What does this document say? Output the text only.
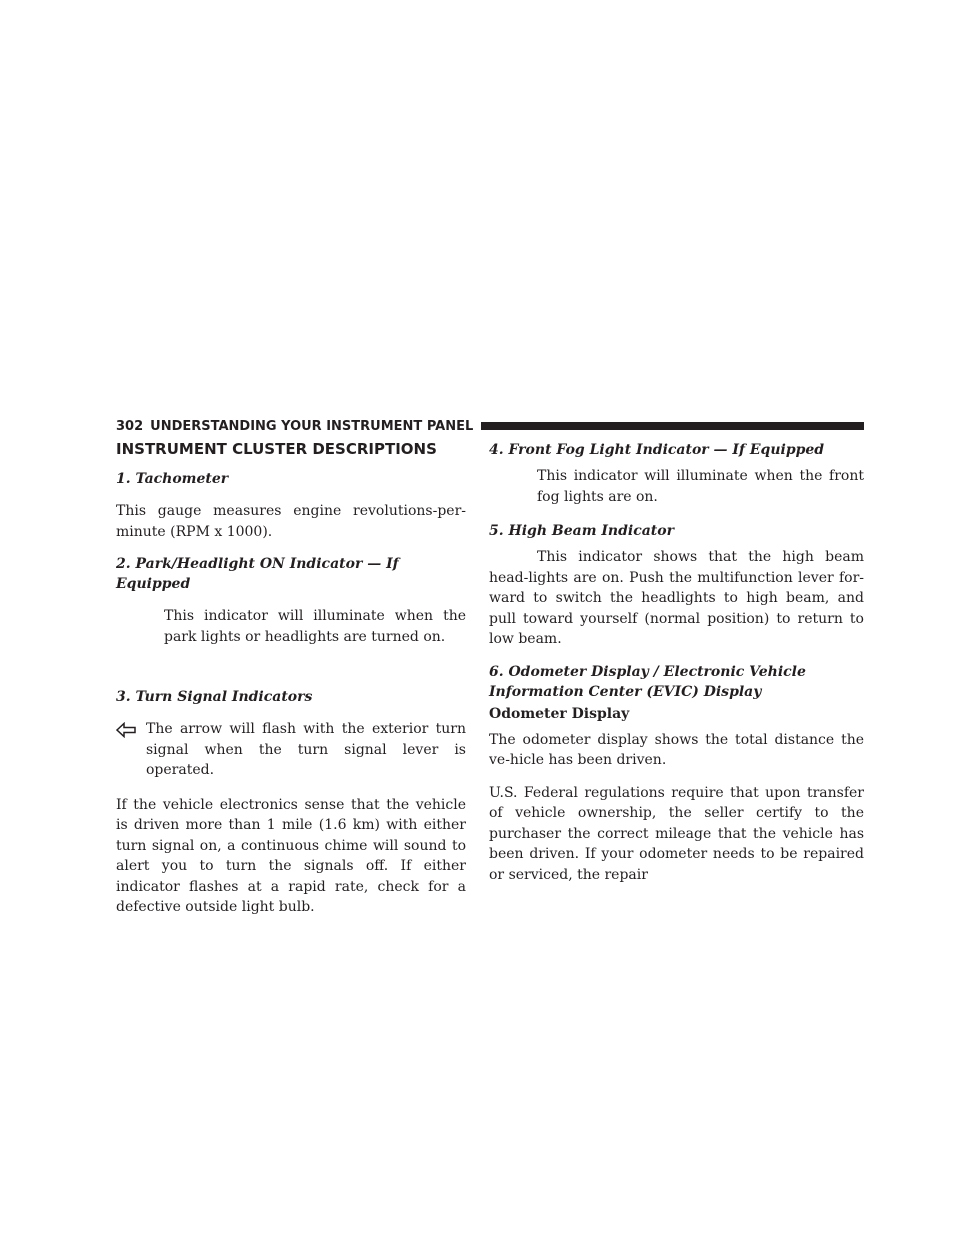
302 UNDERSTANDING YOUR INSTRUMENT PANEL
INSTRUMENT CLUSTER DESCRIPTIONS
1. Tachometer

This gauge measures engine revolutions-per-minute (RPM x 1000).

2. Park/Headlight ON Indicator — If Equipped

This indicator will illuminate when the park lights or headlights are turned on.

3. Turn Signal Indicators

The arrow will flash with the exterior turn signal when the turn signal lever is operated.

If the vehicle electronics sense that the vehicle is driven more than 1 mile (1.6 km) with either turn signal on, a continuous chime will sound to alert you to turn the signals off. If either indicator flashes at a rapid rate, check for a defective outside light bulb.

4. Front Fog Light Indicator — If Equipped

This indicator will illuminate when the front fog lights are on.

5. High Beam Indicator

This indicator shows that the high beam head-lights are on. Push the multifunction lever for-ward to switch the headlights to high beam, and pull toward yourself (normal position) to return to low beam.

6. Odometer Display / Electronic Vehicle Information Center (EVIC) Display
Odometer Display

The odometer display shows the total distance the ve-hicle has been driven.

U.S. Federal regulations require that upon transfer of vehicle ownership, the seller certify to the purchaser the correct mileage that the vehicle has been driven. If your odometer needs to be repaired or serviced, the repair
